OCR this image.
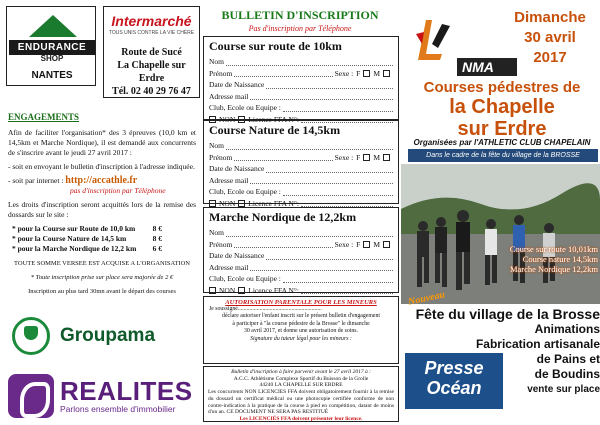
ENDURANCE
SHOP
NANTES
Intermarché
TOUS UNIS CONTRE LA VIE CHÈRE
Route de Sucé
La Chapelle sur Erdre
Tél. 02 40 29 76 47
ENGAGEMENTS

Afin de faciliter l'organisation* des 3 épreuves (10,0 km et 14,5km et Marche Nordique), il est demandé aux concurrents de s'inscrire avant le jeudi 27 avril 2017 :

- soit en envoyant le bulletin d'inscription à l'adresse indiquée.

- soit par internet : http://accathle.fr
pas d'inscription par Téléphone

Les droits d'inscription seront acquittés lors de la remise des dossards sur le site :

* pour la Course sur Route de 10,0 km 8 €
* pour la Course Nature de 14,5 km	8 €
* pour la Marche Nordique de 12,2 km 6 €

TOUTE SOMME VERSEE EST ACQUISE A L'ORGANISATION

* Toute inscription prise sur place sera majorée de 2 €

Inscription au plus tard 30mn avant le départ des courses

Groupama
REALITES
Parlons ensemble d'immobilier
BULLETIN D'INSCRIPTION
Pas d'inscription par Téléphone
Course sur route de 10km
Nom
Prénom	Sexe : F M
Date de Naissance
Adresse mail
Club, Ecole ou Equipe :
NON Licence FFA N°:
Course Nature de 14,5km
Nom
Prénom	Sexe : F M
Date de Naissance
Adresse mail
Club, Ecole ou Equipe :
NON Licence FFA N°:
Marche Nordique de 12,2km
Nom
Prénom	Sexe : F M
Date de Naissance
Adresse mail
Club, Ecole ou Equipe :
NON Licence FFA N°:
AUTORISATION PARENTALE POUR LES MINEURS
Je soussigné..........................................................
déclare autoriser l'enfant inscrit sur le présent bulletin d'engagement
à participer à "la course pédestre de la Brosse" le dimanche
30 avril 2017, et donne une autorisation de soins.
Signature du tuteur légal pour les mineurs :
Bulletin d'inscription à faire parvenir avant le 27 avril 2017 à :
A.C.C. Athlétisme Complexe Sportif du Buisson de la Grolle
44240 LA CHAPELLE SUR ERDRE
Les concurrents NON LICENCIES FFA doivent obligatoirement fournir à la remise du dossard un certificat médical ou une photocopie certifiée conforme de non contre-indication à la pratique de la course à pied en compétition, datant de moins d'un an. CE DOCUMENT NE SERA PAS RESTITUÉ
Les LICENCIÉS FFA doivent présenter leur licence.
Dimanche
30 avril
2017
NMA
Courses pédestres de
la Chapelle
sur Erdre
Organisées par l'ATHLETIC CLUB CHAPELAIN
Dans le cadre de la fête du village de la BROSSE
Course sur route 10,01km
Course nature 14,5km
Marche Nordique 12,2km
Nouveau
Fête du village de la Brosse
Animations
Fabrication artisanale
de Pains et
de Boudins
vente sur place
Presse
Océan
